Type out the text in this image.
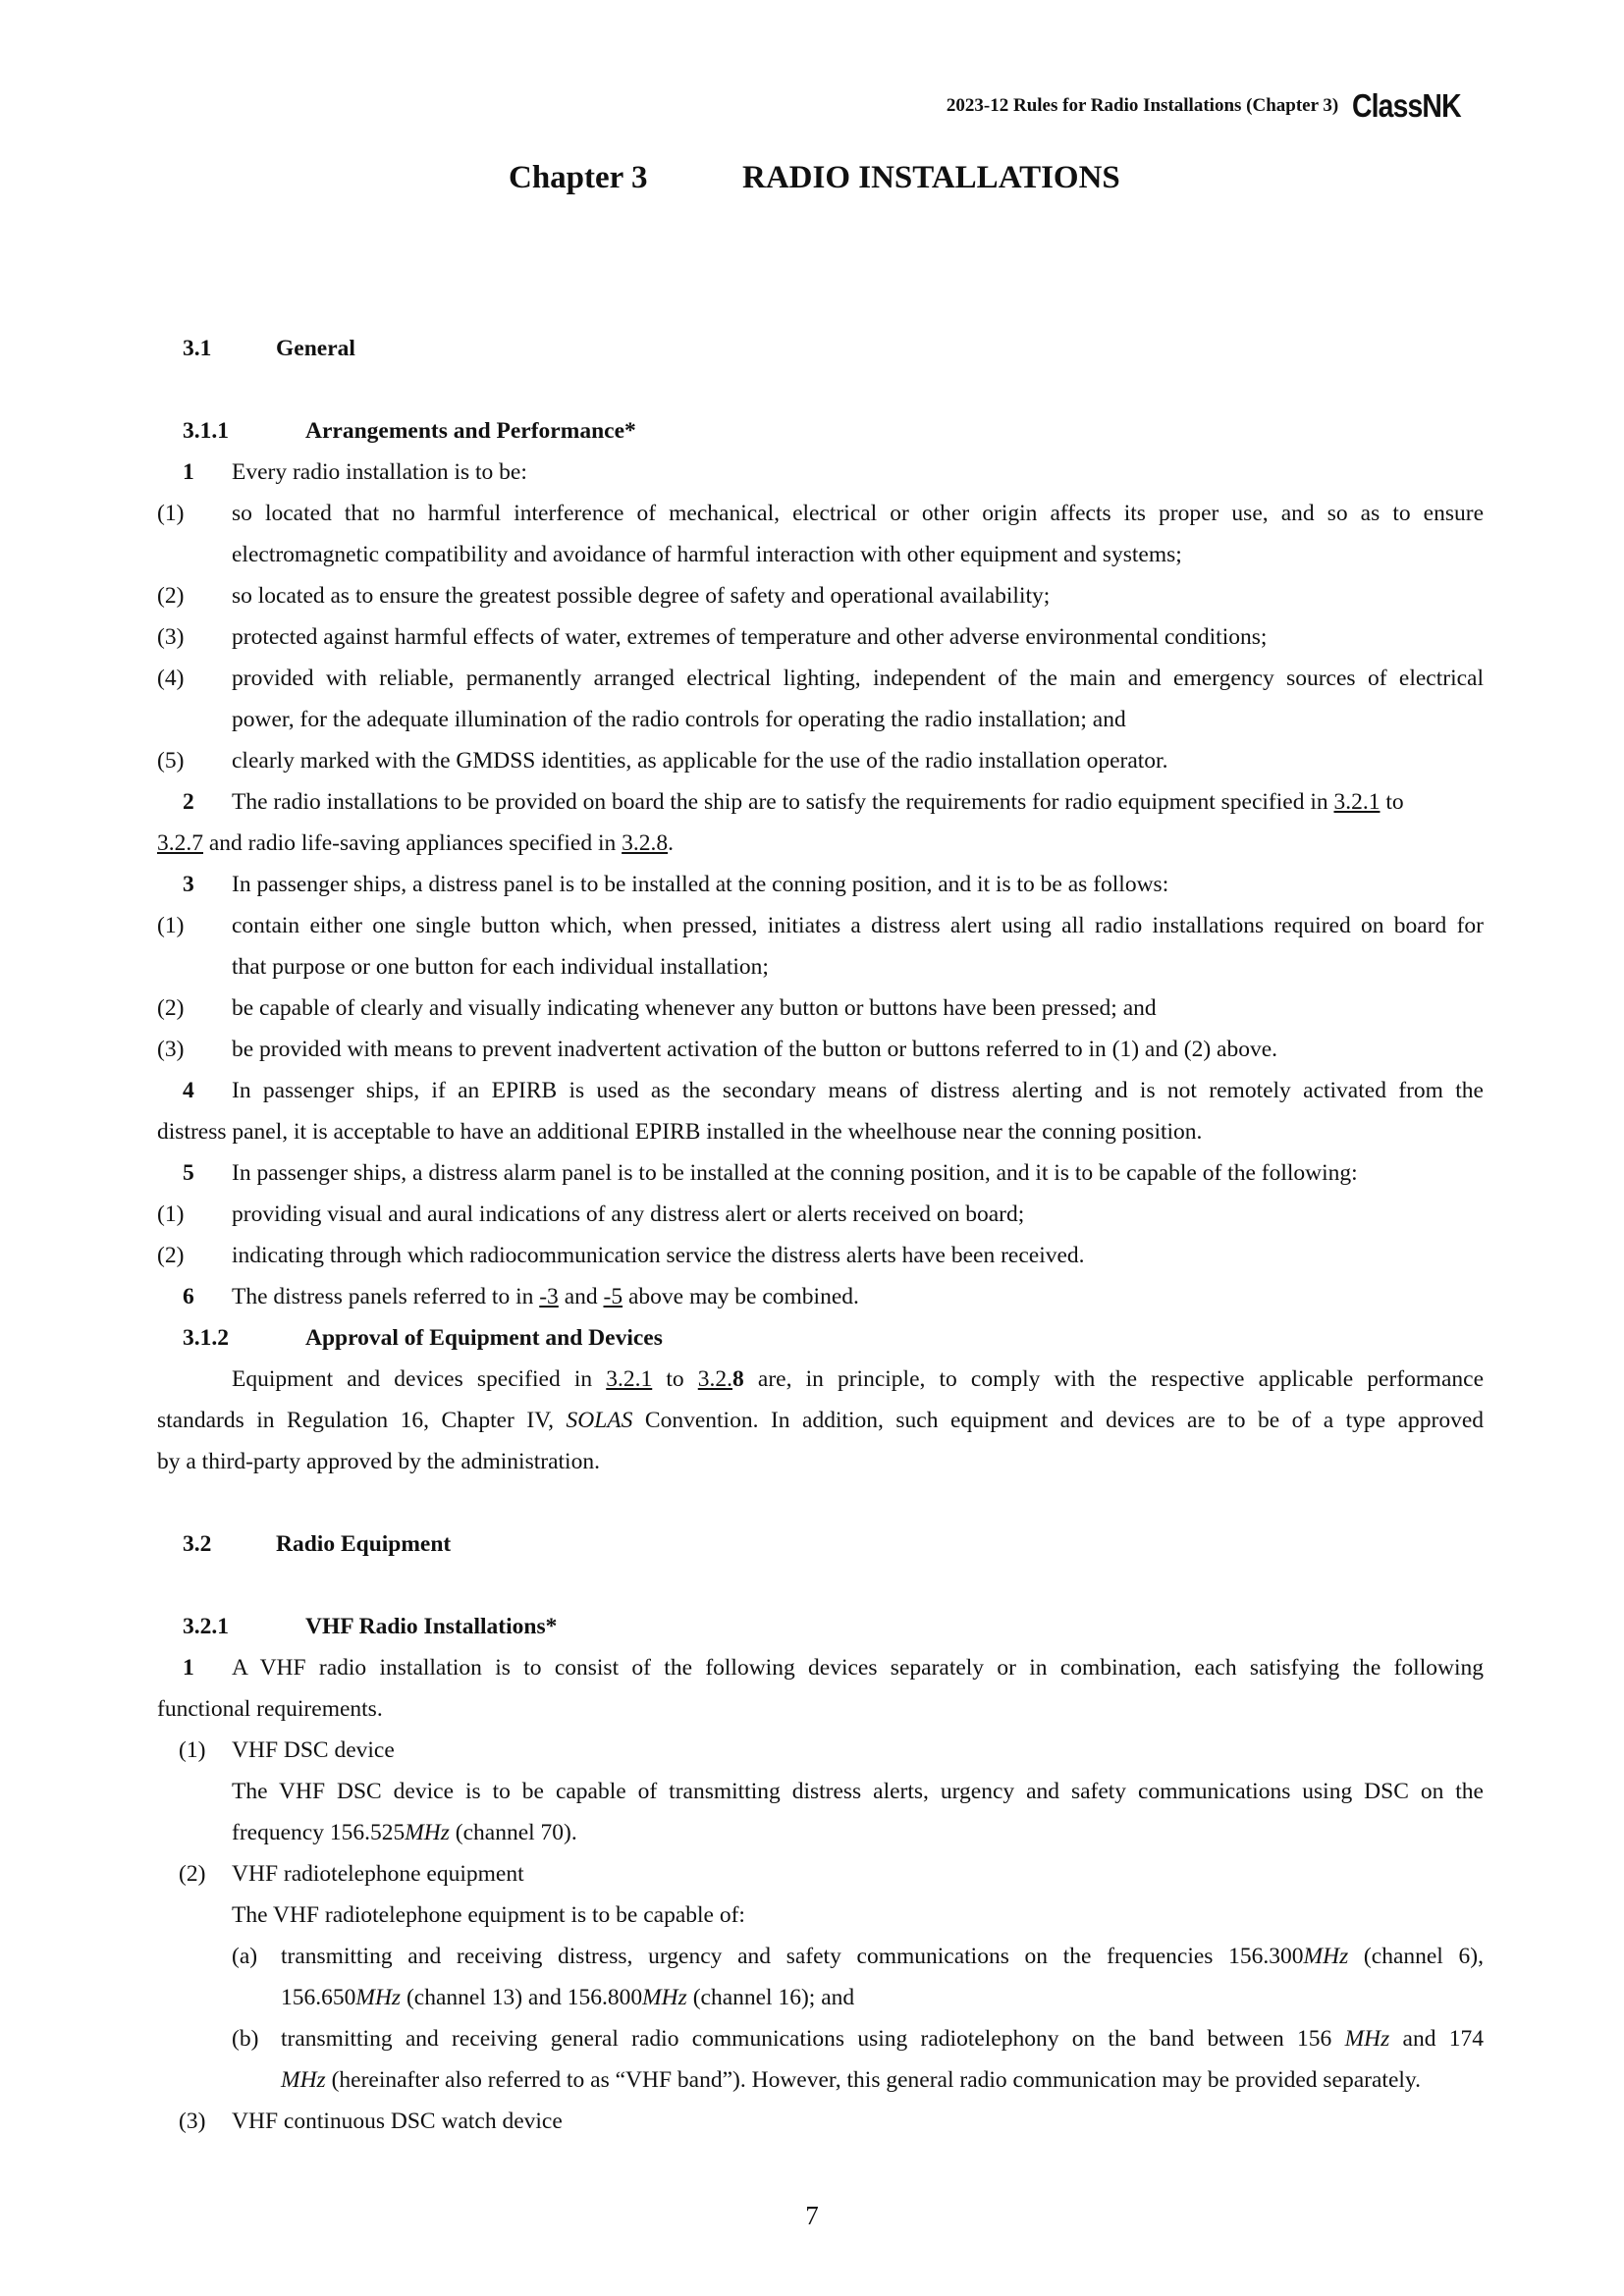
2023-12 Rules for Radio Installations (Chapter 3) ClassNK
Chapter 3	RADIO INSTALLATIONS
3.1	General
3.1.1	Arrangements and Performance*
1 Every radio installation is to be:
(1) so located that no harmful interference of mechanical, electrical or other origin affects its proper use, and so as to ensure
electromagnetic compatibility and avoidance of harmful interaction with other equipment and systems;
(2) so located as to ensure the greatest possible degree of safety and operational availability;
(3) protected against harmful effects of water, extremes of temperature and other adverse environmental conditions;
(4) provided with reliable, permanently arranged electrical lighting, independent of the main and emergency sources of electrical
power, for the adequate illumination of the radio controls for operating the radio installation; and
(5) clearly marked with the GMDSS identities, as applicable for the use of the radio installation operator.
2 The radio installations to be provided on board the ship are to satisfy the requirements for radio equipment specified in 3.2.1 to
3.2.7 and radio life-saving appliances specified in 3.2.8.
3 In passenger ships, a distress panel is to be installed at the conning position, and it is to be as follows:
(1) contain either one single button which, when pressed, initiates a distress alert using all radio installations required on board for
that purpose or one button for each individual installation;
(2) be capable of clearly and visually indicating whenever any button or buttons have been pressed; and
(3) be provided with means to prevent inadvertent activation of the button or buttons referred to in (1) and (2) above.
4 In passenger ships, if an EPIRB is used as the secondary means of distress alerting and is not remotely activated from the
distress panel, it is acceptable to have an additional EPIRB installed in the wheelhouse near the conning position.
5 In passenger ships, a distress alarm panel is to be installed at the conning position, and it is to be capable of the following:
(1) providing visual and aural indications of any distress alert or alerts received on board;
(2) indicating through which radiocommunication service the distress alerts have been received.
6 The distress panels referred to in -3 and -5 above may be combined.
3.1.2	Approval of Equipment and Devices
Equipment and devices specified in 3.2.1 to 3.2.8 are, in principle, to comply with the respective applicable performance
standards in Regulation 16, Chapter IV, SOLAS Convention. In addition, such equipment and devices are to be of a type approved
by a third-party approved by the administration.
3.2	Radio Equipment
3.2.1	VHF Radio Installations*
1 A VHF radio installation is to consist of the following devices separately or in combination, each satisfying the following
functional requirements.
(1) VHF DSC device
The VHF DSC device is to be capable of transmitting distress alerts, urgency and safety communications using DSC on the
frequency 156.525MHz (channel 70).
(2) VHF radiotelephone equipment
The VHF radiotelephone equipment is to be capable of:
(a) transmitting and receiving distress, urgency and safety communications on the frequencies 156.300MHz (channel 6),
156.650MHz (channel 13) and 156.800MHz (channel 16); and
(b) transmitting and receiving general radio communications using radiotelephony on the band between 156 MHz and 174
MHz (hereinafter also referred to as “VHF band”). However, this general radio communication may be provided separately.
(3) VHF continuous DSC watch device
7
